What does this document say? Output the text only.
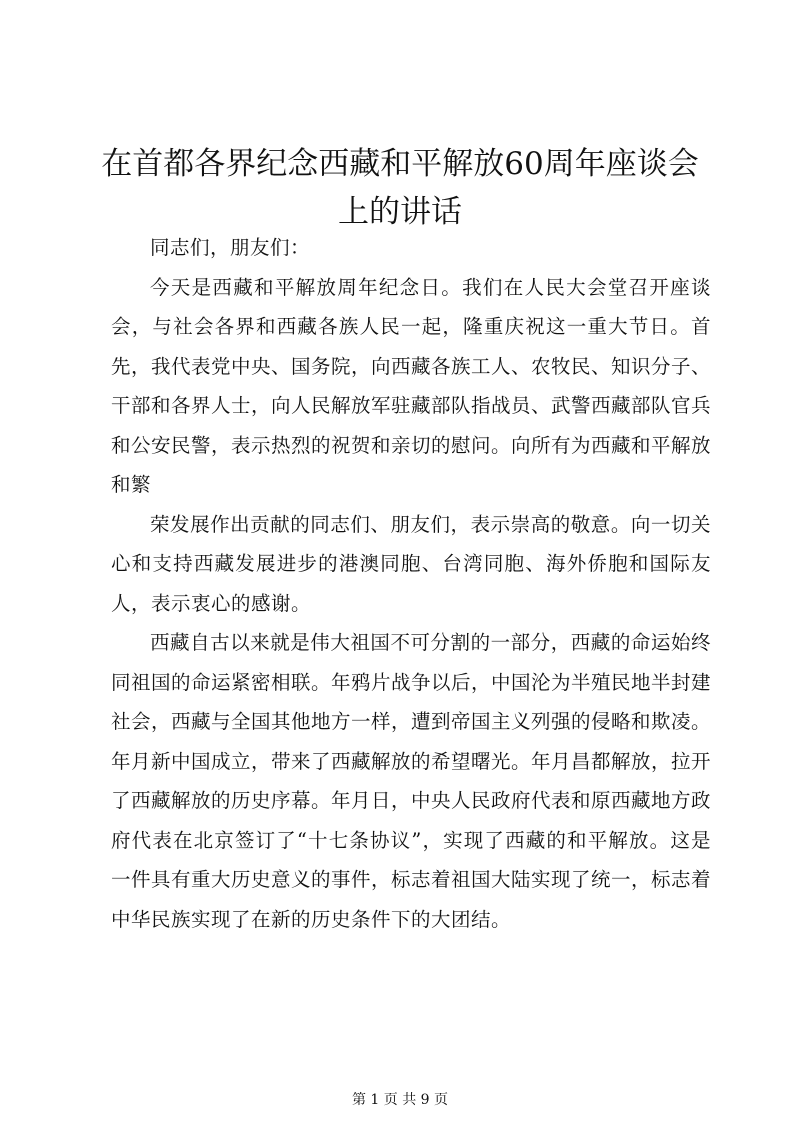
在首都各界纪念西藏和平解放60周年座谈会上的讲话

同志们，朋友们：

今天是西藏和平解放周年纪念日。我们在人民大会堂召开座谈会，与社会各界和西藏各族人民一起，隆重庆祝这一重大节日。首先，我代表党中央、国务院，向西藏各族工人、农牧民、知识分子、干部和各界人士，向人民解放军驻藏部队指战员、武警西藏部队官兵和公安民警，表示热烈的祝贺和亲切的慰问。向所有为西藏和平解放和繁

荣发展作出贡献的同志们、朋友们，表示崇高的敬意。向一切关心和支持西藏发展进步的港澳同胞、台湾同胞、海外侨胞和国际友人，表示衷心的感谢。

西藏自古以来就是伟大祖国不可分割的一部分，西藏的命运始终同祖国的命运紧密相联。年鸦片战争以后，中国沦为半殖民地半封建社会，西藏与全国其他地方一样，遭到帝国主义列强的侵略和欺凌。年月新中国成立，带来了西藏解放的希望曙光。年月昌都解放，拉开了西藏解放的历史序幕。年月日，中央人民政府代表和原西藏地方政府代表在北京签订了“十七条协议”，实现了西藏的和平解放。这是一件具有重大历史意义的事件，标志着祖国大陆实现了统一，标志着中华民族实现了在新的历史条件下的大团结。

第 1 页 共 9 页
